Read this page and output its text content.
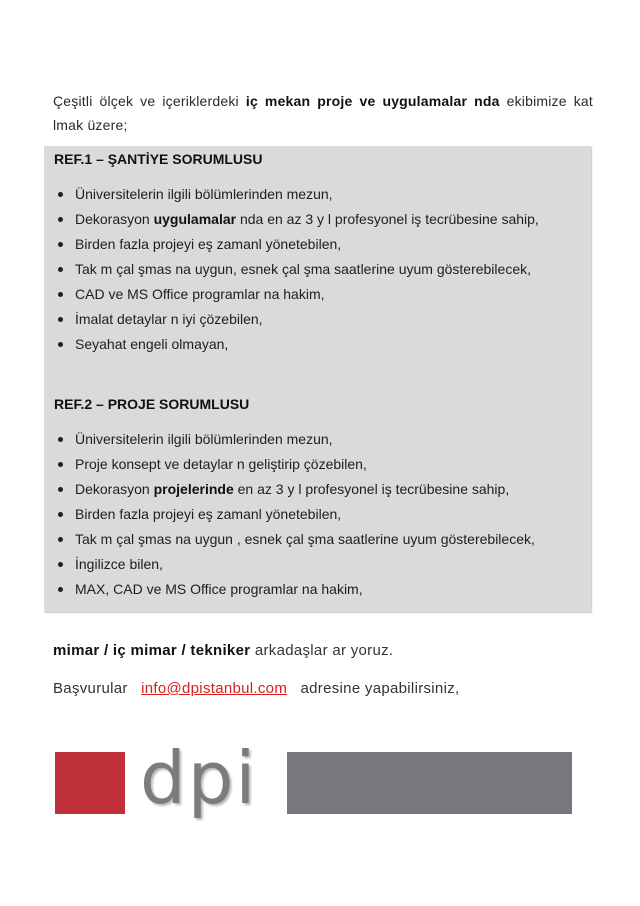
Çeşitli ölçek ve içeriklerdeki iç mekan proje ve uygulamalar nda ekibimize kat lmak üzere;
REF.1 – ŞANTİYE SORUMLUSU
Üniversitelerin ilgili bölümlerinden mezun,
Dekorasyon uygulamalar nda en az 3 y l profesyonel iş tecrübesine sahip,
Birden fazla projeyi eş zamanl yönetebilen,
Tak m çal şmas na uygun, esnek çal şma saatlerine uyum gösterebilecek,
CAD ve MS Office programlar na hakim,
İmalat detaylar n iyi çözebilen,
Seyahat engeli olmayan,
REF.2 – PROJE SORUMLUSU
Üniversitelerin ilgili bölümlerinden mezun,
Proje konsept ve detaylar n geliştirip çözebilen,
Dekorasyon projelerinde en az 3 y l profesyonel iş tecrübesine sahip,
Birden fazla projeyi eş zamanl yönetebilen,
Tak m çal şmas na uygun , esnek çal şma saatlerine uyum gösterebilecek,
İngilizce bilen,
MAX, CAD ve MS Office programlar na hakim,
mimar / iç mimar / tekniker arkadaşlar ar yoruz.
Başvurular   info@dpistanbul.com   adresine yapabilirsiniz,
dpi
